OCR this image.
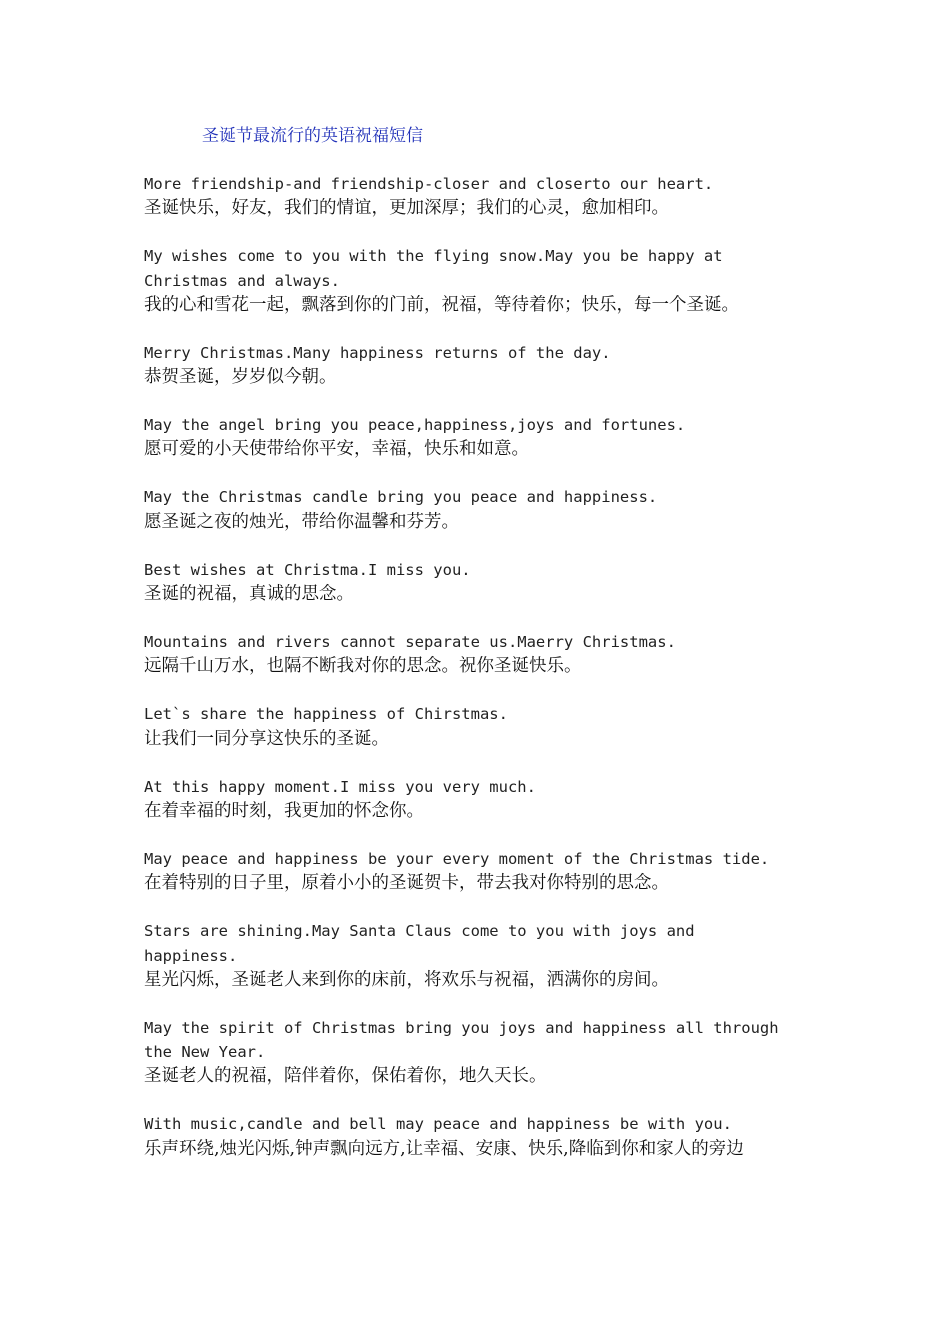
圣诞节最流行的英语祝福短信

More friendship-and friendship-closer and closerto our heart.

圣诞快乐，好友，我们的情谊，更加深厚；我们的心灵，愈加相印。

My wishes come to you with the flying snow.May you be happy at
Christmas and always.

我的心和雪花一起，飘落到你的门前，祝福，等待着你；快乐，每一个圣诞。

Merry Christmas.Many happiness returns of the day.

恭贺圣诞，岁岁似今朝。

May the angel bring you peace,happiness,joys and fortunes.

愿可爱的小天使带给你平安，幸福，快乐和如意。

May the Christmas candle bring you peace and happiness.

愿圣诞之夜的烛光，带给你温馨和芬芳。

Best wishes at Christma.I miss you.

圣诞的祝福，真诚的思念。

Mountains and rivers cannot separate us.Maerry Christmas.

远隔千山万水，也隔不断我对你的思念。祝你圣诞快乐。

Let`s share the happiness of Chirstmas.

让我们一同分享这快乐的圣诞。

At this happy moment.I miss you very much.

在着幸福的时刻，我更加的怀念你。

May peace and happiness be your every moment of the Christmas tide.

在着特别的日子里，原着小小的圣诞贺卡，带去我对你特别的思念。

Stars are shining.May Santa Claus come to you with joys and
happiness.

星光闪烁，圣诞老人来到你的床前，将欢乐与祝福，洒满你的房间。

May the spirit of Christmas bring you joys and happiness all through
the New Year.

圣诞老人的祝福，陪伴着你，保佑着你，地久天长。

With music,candle and bell may peace and happiness be with you.

乐声环绕,烛光闪烁,钟声飘向远方,让幸福、安康、快乐,降临到你和家人的旁边
